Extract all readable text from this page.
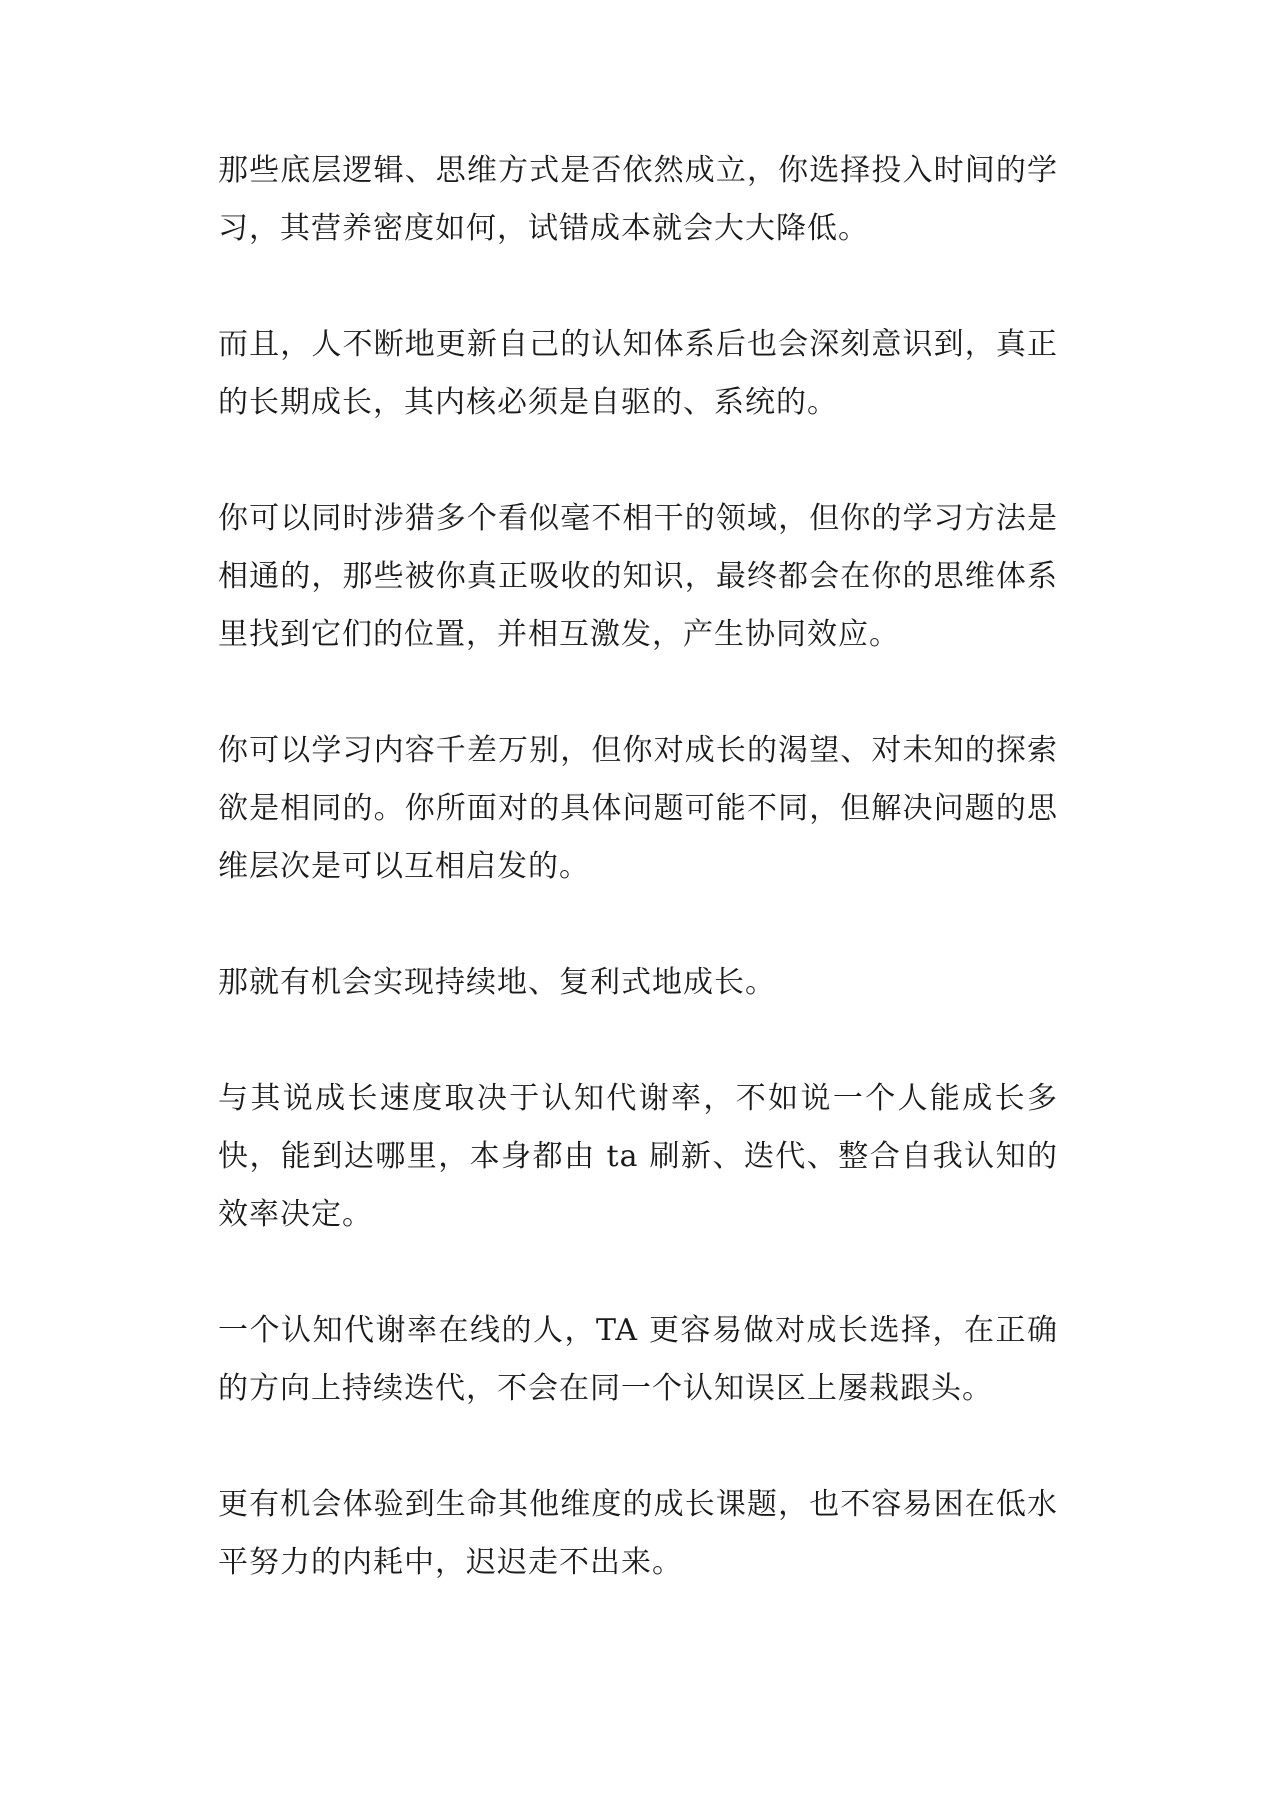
那些底层逻辑、思维方式是否依然成立，你选择投入时间的学习，其营养密度如何，试错成本就会大大降低。

而且，人不断地更新自己的认知体系后也会深刻意识到，真正的长期成长，其内核必须是自驱的、系统的。

你可以同时涉猎多个看似毫不相干的领域，但你的学习方法是相通的，那些被你真正吸收的知识，最终都会在你的思维体系里找到它们的位置，并相互激发，产生协同效应。

你可以学习内容千差万别，但你对成长的渴望、对未知的探索欲是相同的。你所面对的具体问题可能不同，但解决问题的思维层次是可以互相启发的。

那就有机会实现持续地、复利式地成长。

与其说成长速度取决于认知代谢率，不如说一个人能成长多快，能到达哪里，本身都由 ta 刷新、迭代、整合自我认知的效率决定。

一个认知代谢率在线的人，TA 更容易做对成长选择，在正确的方向上持续迭代，不会在同一个认知误区上屡栽跟头。

更有机会体验到生命其他维度的成长课题，也不容易困在低水平努力的内耗中，迟迟走不出来。
